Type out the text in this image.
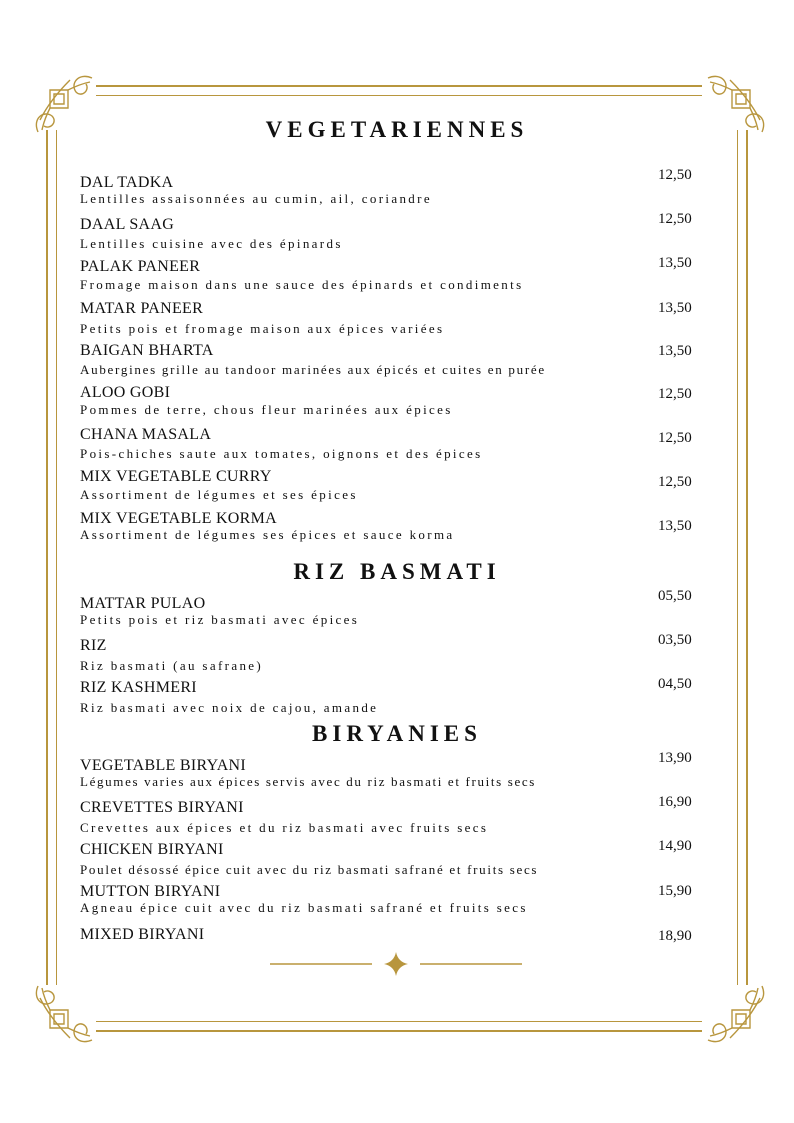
VEGETARIENNES
DAL TADKA
Lentilles assaisonnées au cumin, ail, coriandre
12,50
DAAL SAAG
Lentilles cuisine avec des épinards
12,50
PALAK PANEER
Fromage maison dans une sauce des épinards et condiments
13,50
MATAR PANEER
Petits pois et fromage maison aux épices variées
13,50
BAIGAN BHARTA
Aubergines grille au tandoor marinées aux épicés et cuites en purée
13,50
ALOO GOBI
Pommes de terre, chous fleur marinées aux épices
12,50
CHANA MASALA
Pois-chiches saute aux tomates, oignons et des épices
12,50
MIX VEGETABLE CURRY
Assortiment de légumes et ses épices
12,50
MIX VEGETABLE KORMA
Assortiment de légumes ses épices et sauce korma
13,50
RIZ BASMATI
MATTAR PULAO
Petits pois et riz basmati avec épices
05,50
RIZ
Riz basmati (au safrane)
03,50
RIZ KASHMERI
Riz basmati avec noix de cajou, amande
04,50
BIRYANIES
VEGETABLE BIRYANI
Légumes varies aux épices servis avec du riz basmati et fruits secs
13,90
CREVETTES BIRYANI
Crevettes aux épices et du riz basmati avec fruits secs
16,90
CHICKEN BIRYANI
Poulet désossé épice cuit avec du riz basmati safrané et fruits secs
14,90
MUTTON BIRYANI
Agneau épice cuit avec du riz basmati safrané et fruits secs
15,90
MIXED BIRYANI	18,90
